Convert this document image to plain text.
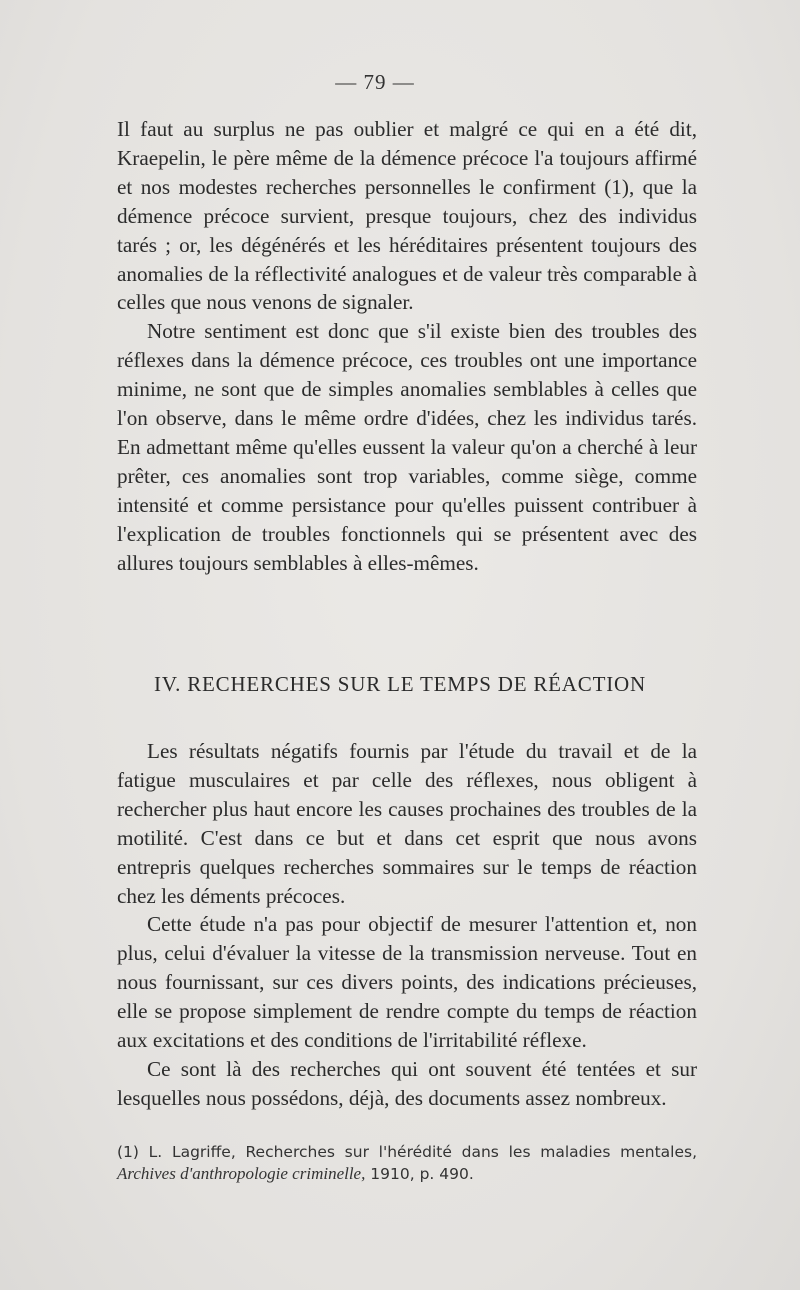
— 79 —

Il faut au surplus ne pas oublier et malgré ce qui en a été dit, Kraepelin, le père même de la démence précoce l'a toujours affirmé et nos modestes recherches personnelles le confirment (1), que la démence précoce survient, presque toujours, chez des individus tarés ; or, les dégénérés et les héréditaires présentent toujours des anomalies de la réflectivité analogues et de valeur très comparable à celles que nous venons de signaler.

Notre sentiment est donc que s'il existe bien des troubles des réflexes dans la démence précoce, ces troubles ont une importance minime, ne sont que de simples anomalies semblables à celles que l'on observe, dans le même ordre d'idées, chez les individus tarés. En admettant même qu'elles eussent la valeur qu'on a cherché à leur prêter, ces anomalies sont trop variables, comme siège, comme intensité et comme persistance pour qu'elles puissent contribuer à l'explication de troubles fonctionnels qui se présentent avec des allures toujours semblables à elles-mêmes.

IV. RECHERCHES SUR LE TEMPS DE RÉACTION

Les résultats négatifs fournis par l'étude du travail et de la fatigue musculaires et par celle des réflexes, nous obligent à rechercher plus haut encore les causes prochaines des troubles de la motilité. C'est dans ce but et dans cet esprit que nous avons entrepris quelques recherches sommaires sur le temps de réaction chez les déments précoces.

Cette étude n'a pas pour objectif de mesurer l'attention et, non plus, celui d'évaluer la vitesse de la transmission nerveuse. Tout en nous fournissant, sur ces divers points, des indications précieuses, elle se propose simplement de rendre compte du temps de réaction aux excitations et des conditions de l'irritabilité réflexe.

Ce sont là des recherches qui ont souvent été tentées et sur lesquelles nous possédons, déjà, des documents assez nombreux.

(1) L. Lagriffe, Recherches sur l'hérédité dans les maladies mentales, Archives d'anthropologie criminelle, 1910, p. 490.
